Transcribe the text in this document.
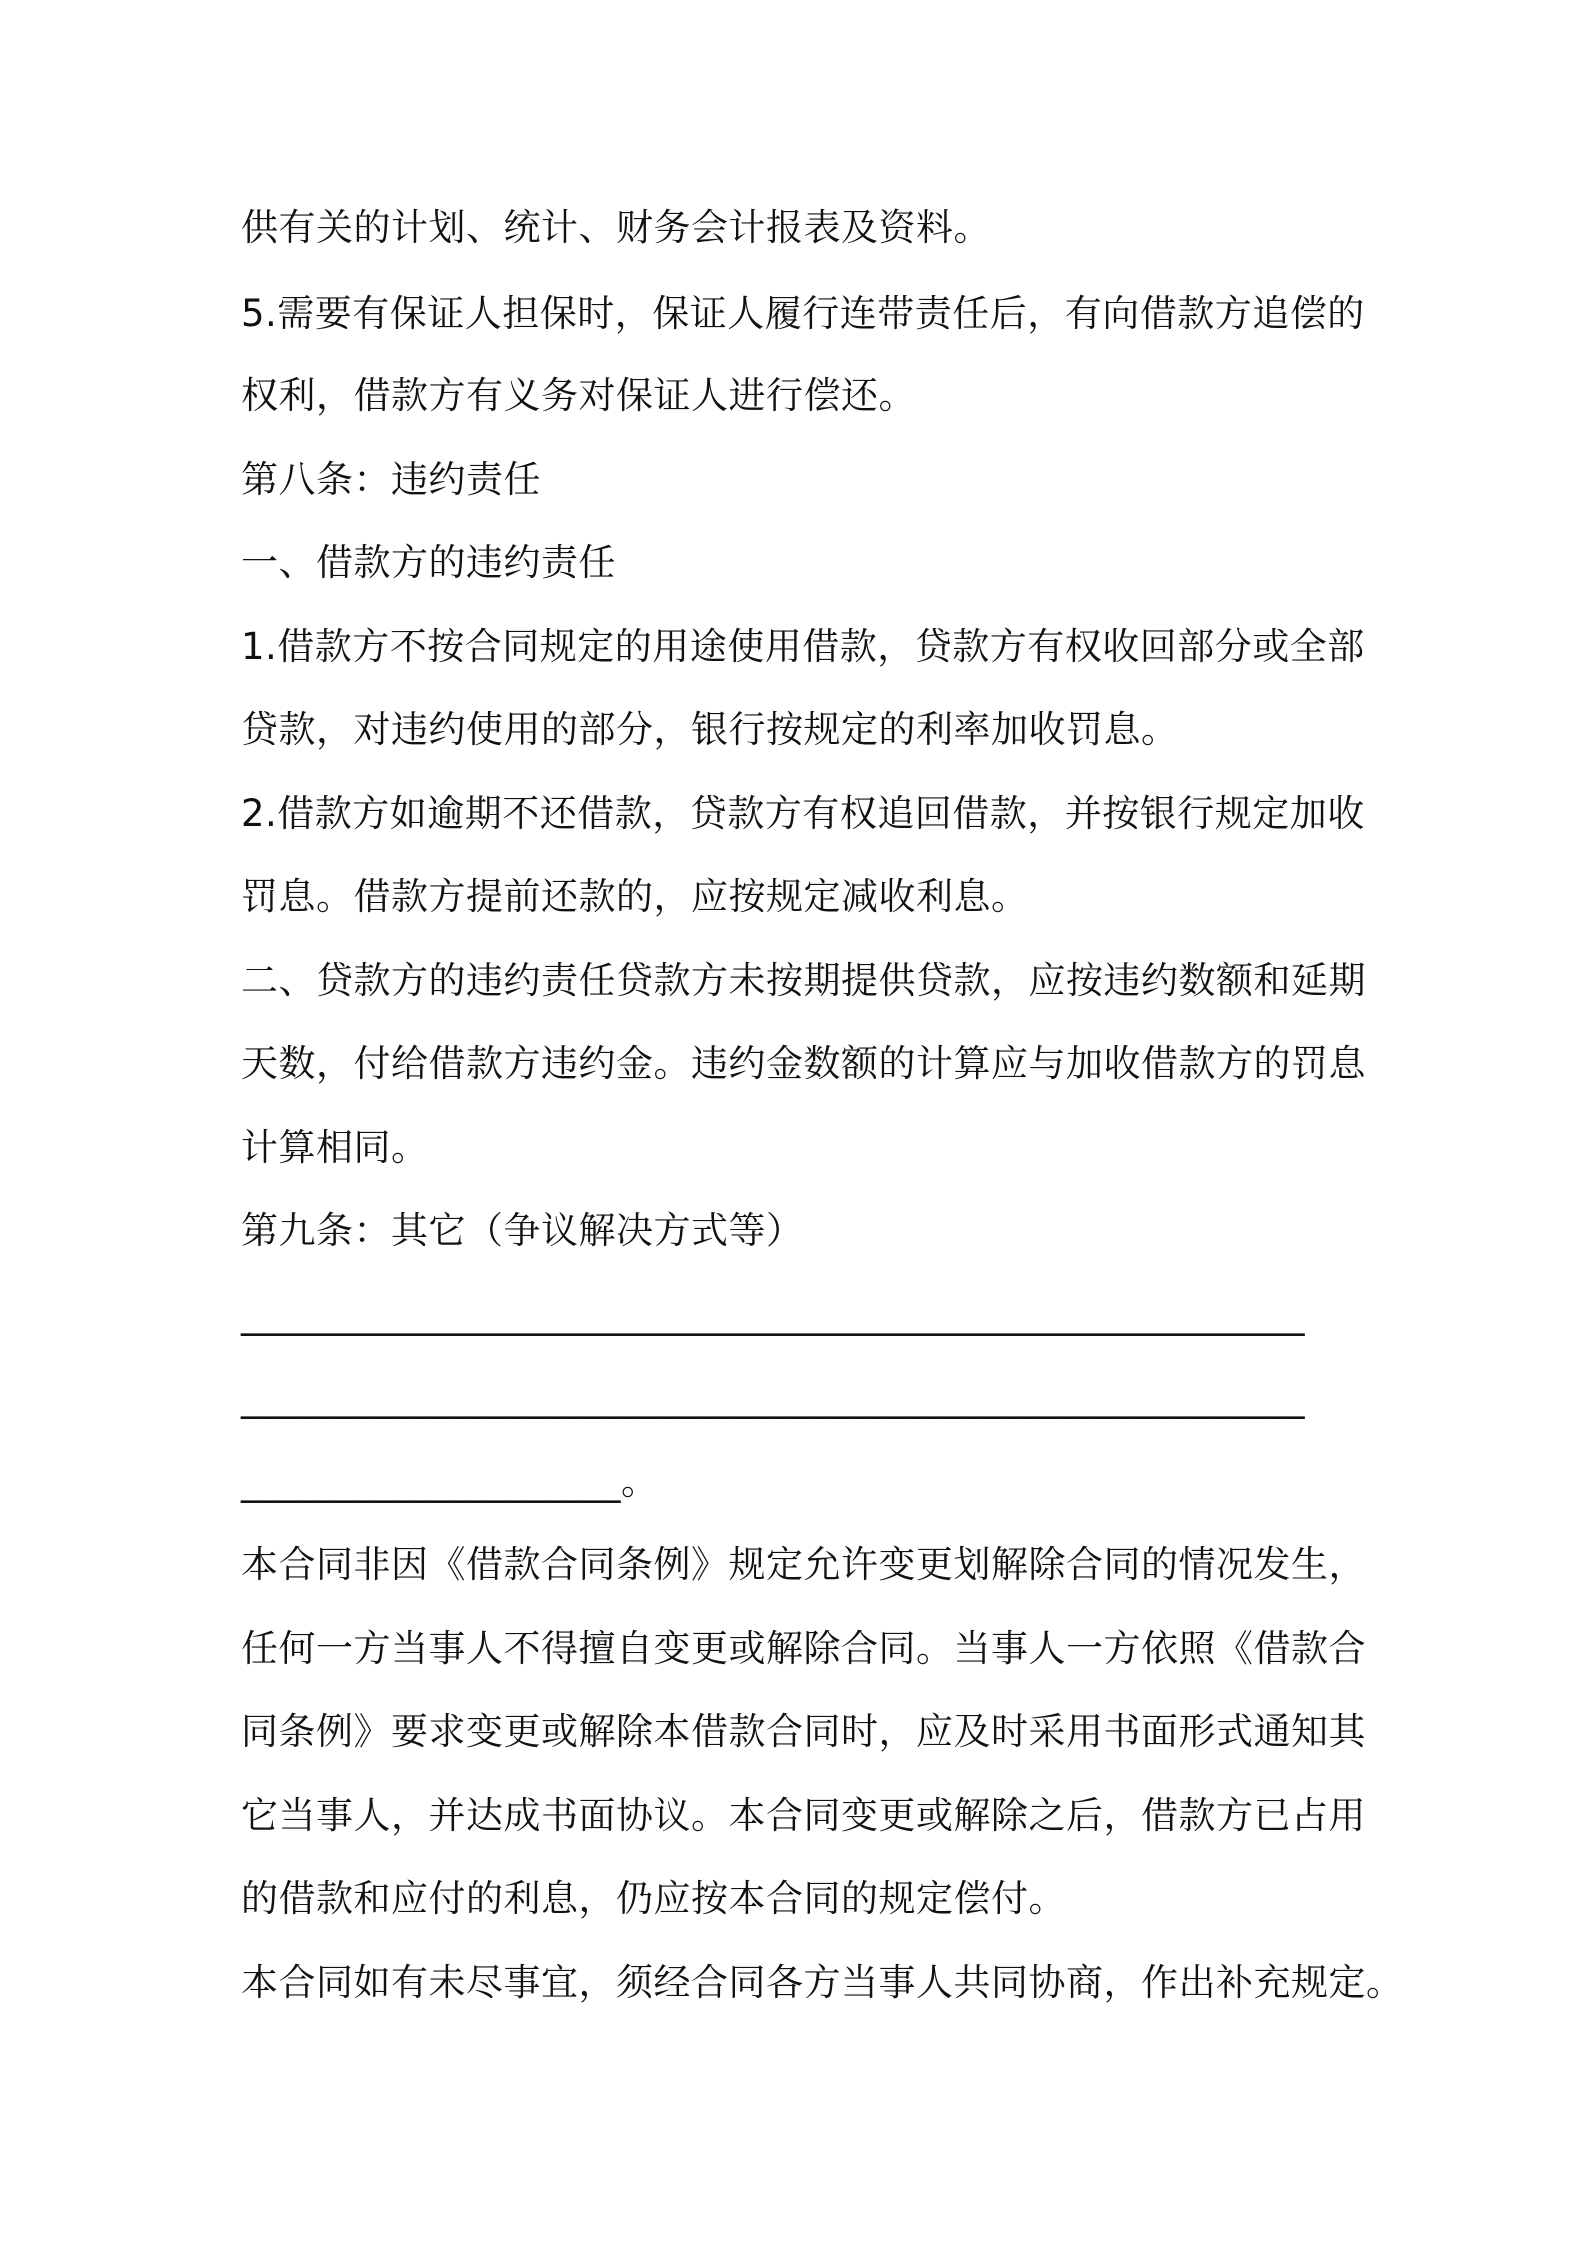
供有关的计划、统计、财务会计报表及资料。
5.需要有保证人担保时，保证人履行连带责任后，有向借款方追偿的
权利，借款方有义务对保证人进行偿还。
第八条：违约责任
一、借款方的违约责任
1.借款方不按合同规定的用途使用借款，贷款方有权收回部分或全部
贷款，对违约使用的部分，银行按规定的利率加收罚息。
2.借款方如逾期不还借款，贷款方有权追回借款，并按银行规定加收
罚息。借款方提前还款的，应按规定减收利息。
二、贷款方的违约责任贷款方未按期提供贷款，应按违约数额和延期
天数，付给借款方违约金。违约金数额的计算应与加收借款方的罚息
计算相同。
第九条：其它（争议解决方式等）
________________________________________________________
________________________________________________________
____________________。
本合同非因《借款合同条例》规定允许变更划解除合同的情况发生，
任何一方当事人不得擅自变更或解除合同。当事人一方依照《借款合
同条例》要求变更或解除本借款合同时，应及时采用书面形式通知其
它当事人，并达成书面协议。本合同变更或解除之后，借款方已占用
的借款和应付的利息，仍应按本合同的规定偿付。
本合同如有未尽事宜，须经合同各方当事人共同协商，作出补充规定。
